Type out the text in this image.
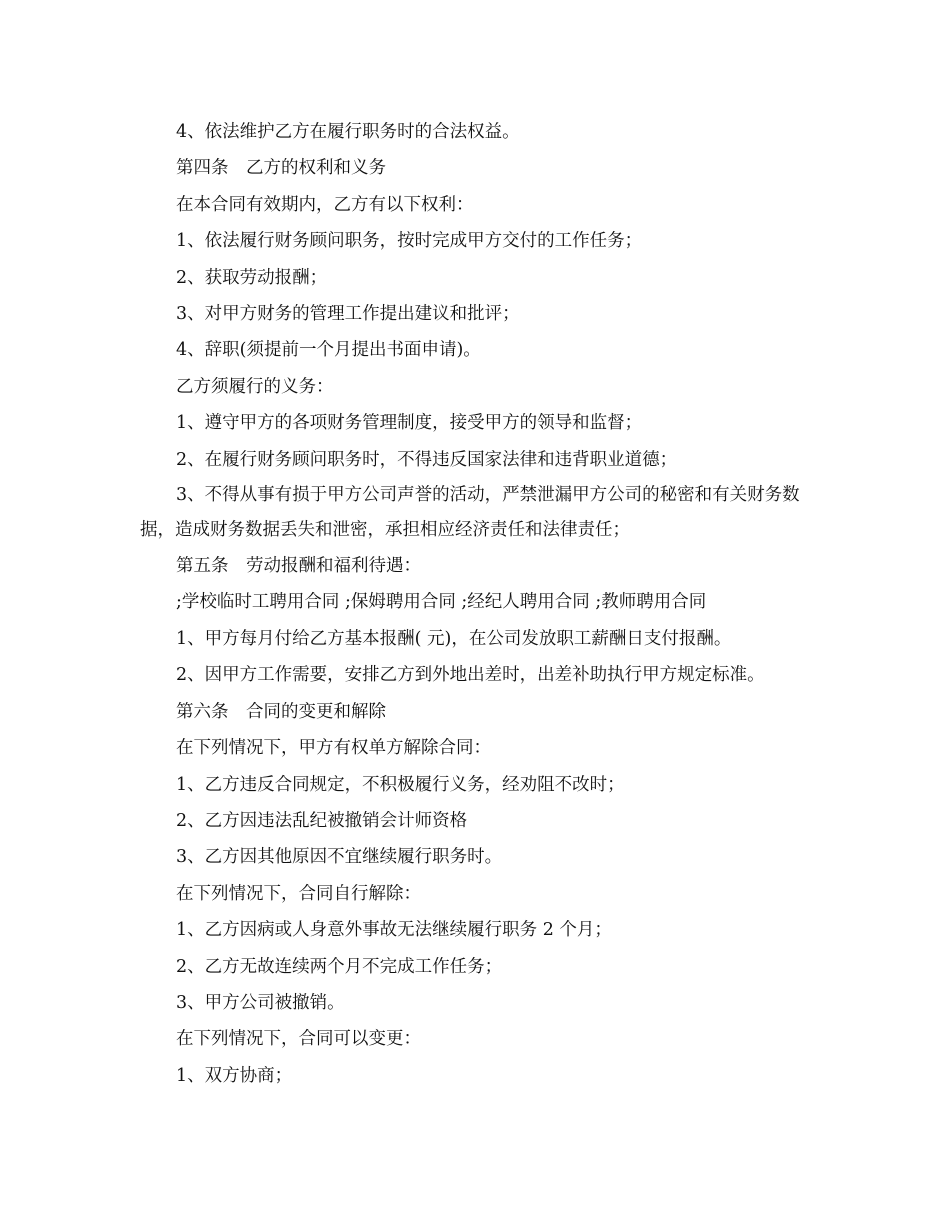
4、依法维护乙方在履行职务时的合法权益。

第四条　乙方的权利和义务

在本合同有效期内，乙方有以下权利：

1、依法履行财务顾问职务，按时完成甲方交付的工作任务；

2、获取劳动报酬；

3、对甲方财务的管理工作提出建议和批评；

4、辞职(须提前一个月提出书面申请)。

乙方须履行的义务：

1、遵守甲方的各项财务管理制度，接受甲方的领导和监督；

2、在履行财务顾问职务时，不得违反国家法律和违背职业道德；

3、不得从事有损于甲方公司声誉的活动，严禁泄漏甲方公司的秘密和有关财务数据，造成财务数据丢失和泄密，承担相应经济责任和法律责任；

第五条　劳动报酬和福利待遇：

;学校临时工聘用合同 ;保姆聘用合同 ;经纪人聘用合同 ;教师聘用合同

1、甲方每月付给乙方基本报酬( 元)，在公司发放职工薪酬日支付报酬。

2、因甲方工作需要，安排乙方到外地出差时，出差补助执行甲方规定标准。

第六条　合同的变更和解除

在下列情况下，甲方有权单方解除合同：

1、乙方违反合同规定，不积极履行义务，经劝阻不改时；

2、乙方因违法乱纪被撤销会计师资格

3、乙方因其他原因不宜继续履行职务时。

在下列情况下，合同自行解除：

1、乙方因病或人身意外事故无法继续履行职务 2 个月；

2、乙方无故连续两个月不完成工作任务；

3、甲方公司被撤销。

在下列情况下，合同可以变更：

1、双方协商；
